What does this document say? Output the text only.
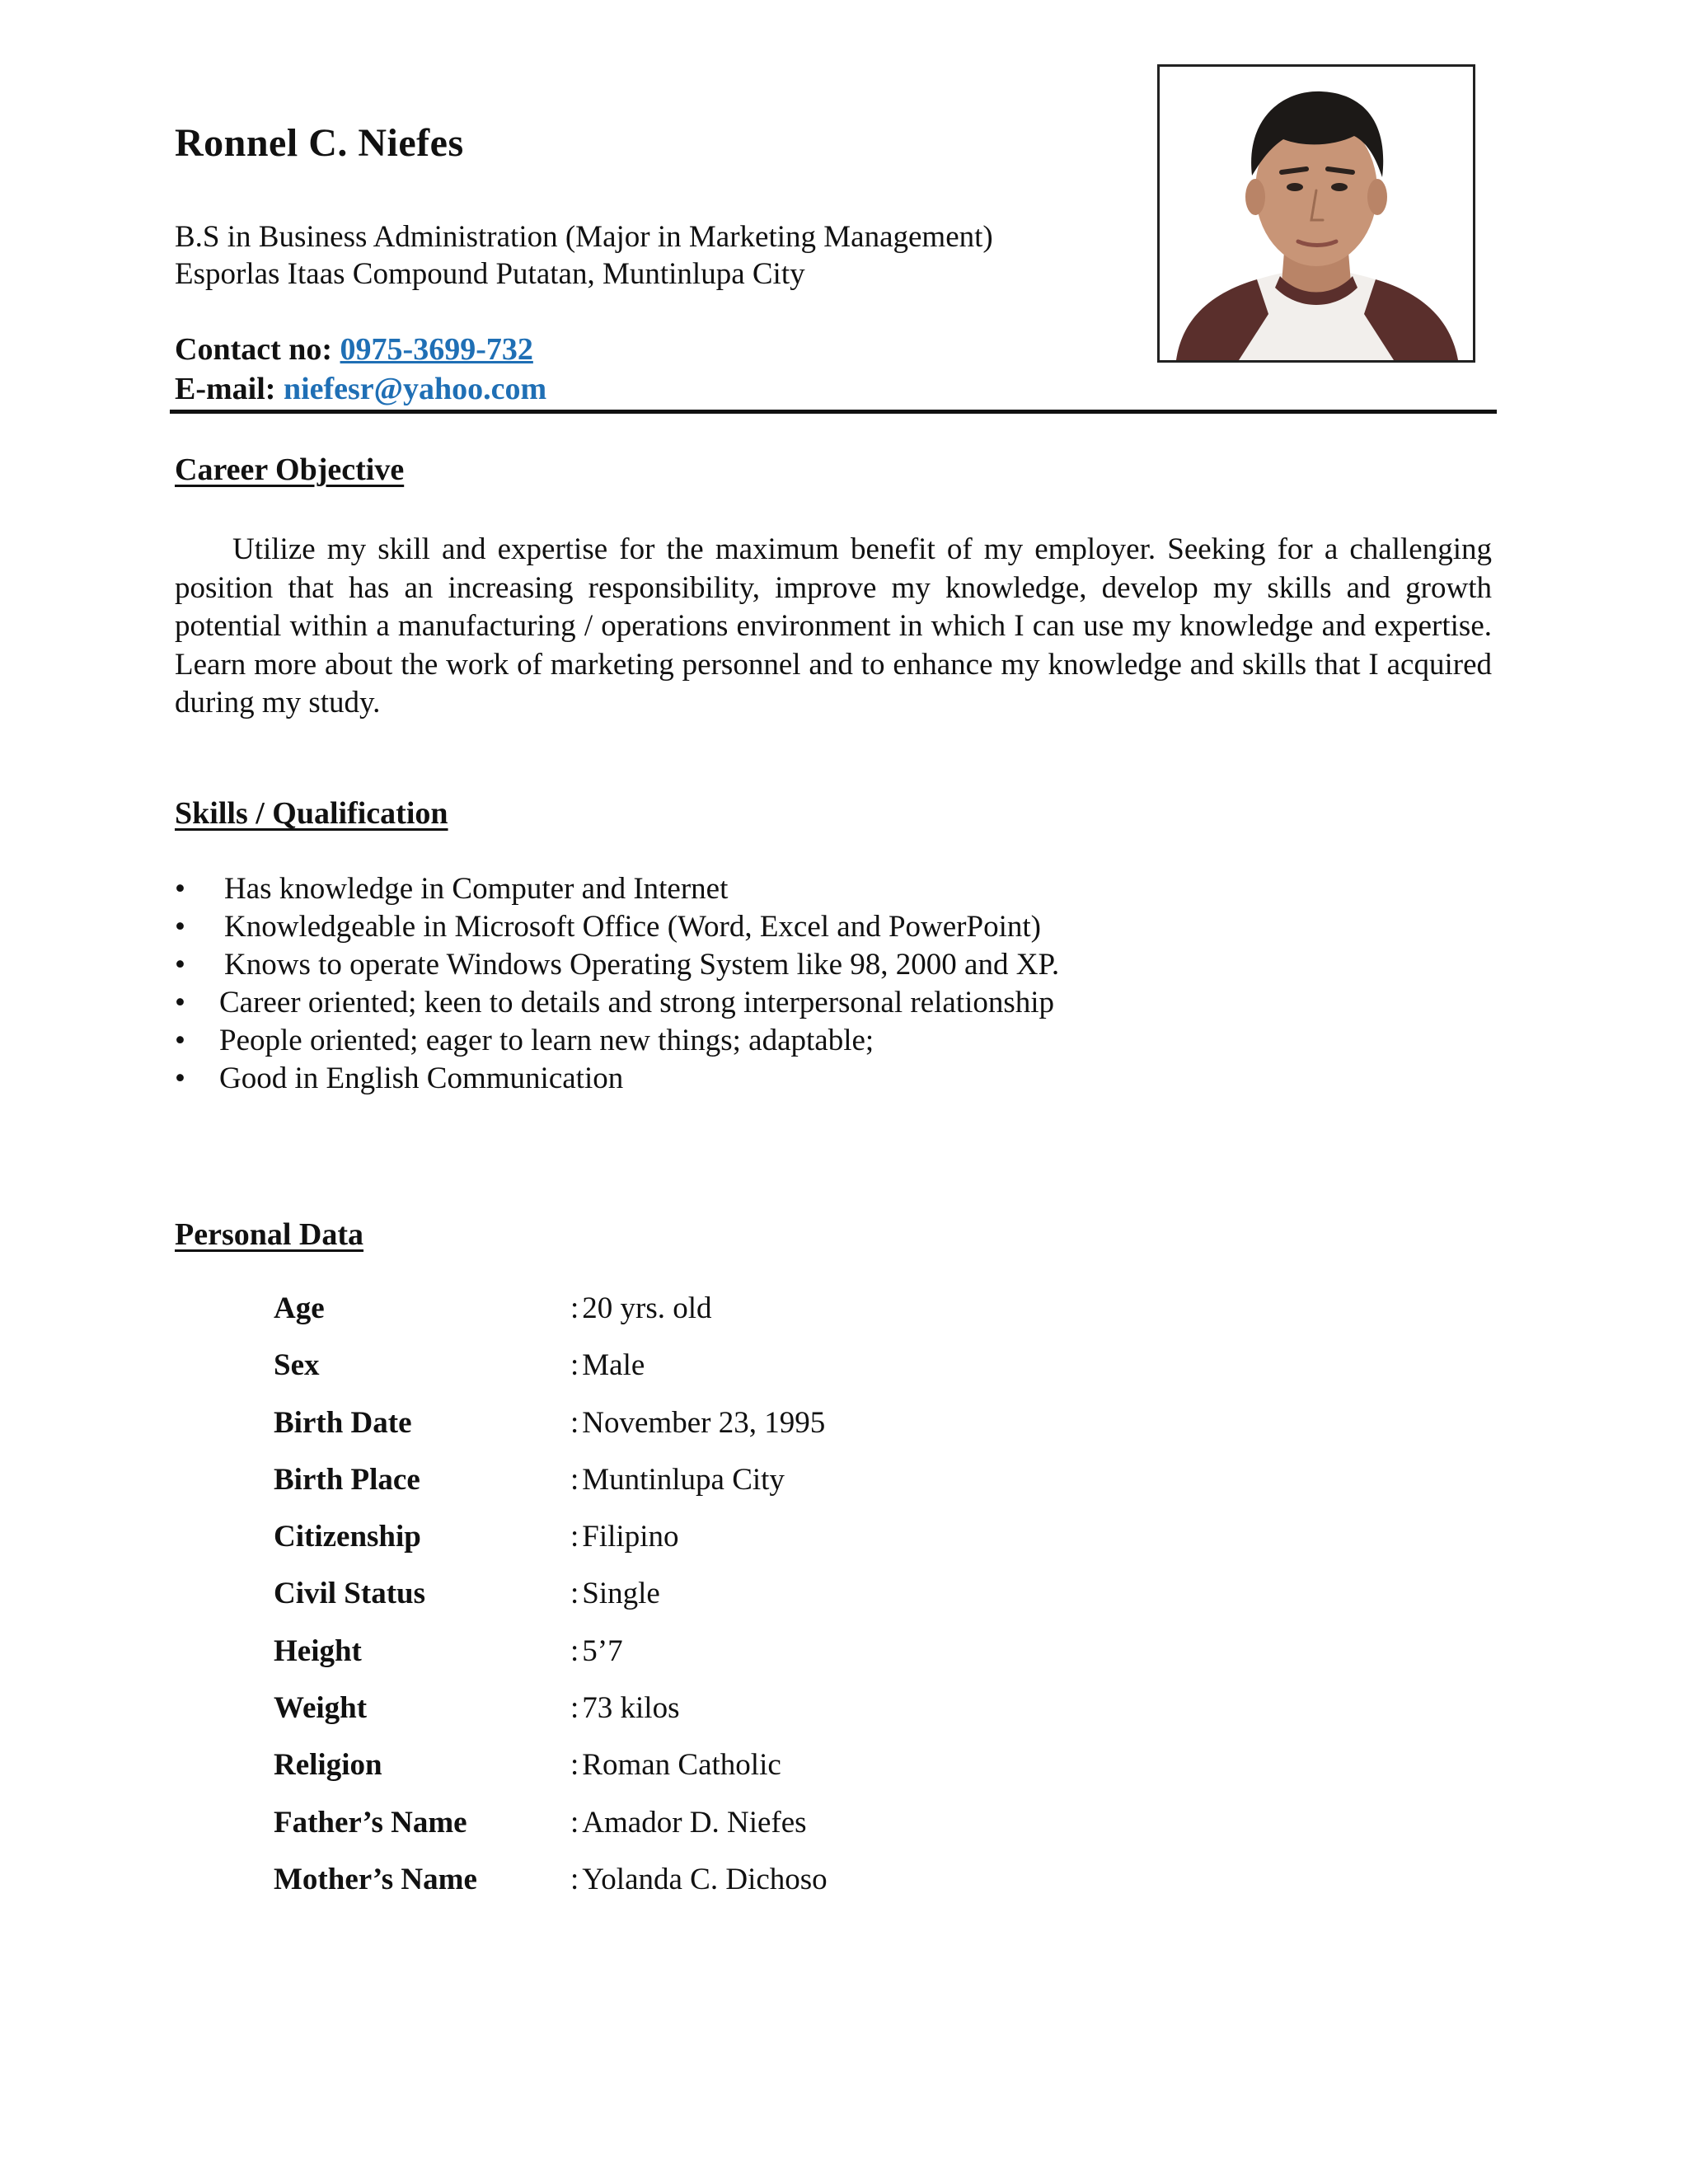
Ronnel C. Niefes
B.S in Business Administration (Major in Marketing Management)
Esporlas Itaas Compound Putatan, Muntinlupa City
Contact no: 0975-3699-732
E-mail: niefesr@yahoo.com
Career Objective

Utilize my skill and expertise for the maximum benefit of my employer. Seeking for a challenging position that has an increasing responsibility, improve my knowledge, develop my skills and growth potential within a manufacturing / operations environment in which I can use my knowledge and expertise. Learn more about the work of marketing personnel and to enhance my knowledge and skills that I acquired during my study.

Skills / Qualification
• Has knowledge in Computer and Internet
• Knowledgeable in Microsoft Office (Word, Excel and PowerPoint)
• Knows to operate Windows Operating System like 98, 2000 and XP.
• Career oriented; keen to details and strong interpersonal relationship
• People oriented; eager to learn new things; adaptable;
• Good in English Communication
Personal Data
Age	: 20 yrs. old
Sex	: Male
Birth Date	: November 23, 1995
Birth Place	: Muntinlupa City
Citizenship	: Filipino
Civil Status	: Single
Height	: 5’7
Weight	: 73 kilos
Religion	: Roman Catholic
Father’s Name	: Amador D. Niefes
Mother’s Name	: Yolanda C. Dichoso
